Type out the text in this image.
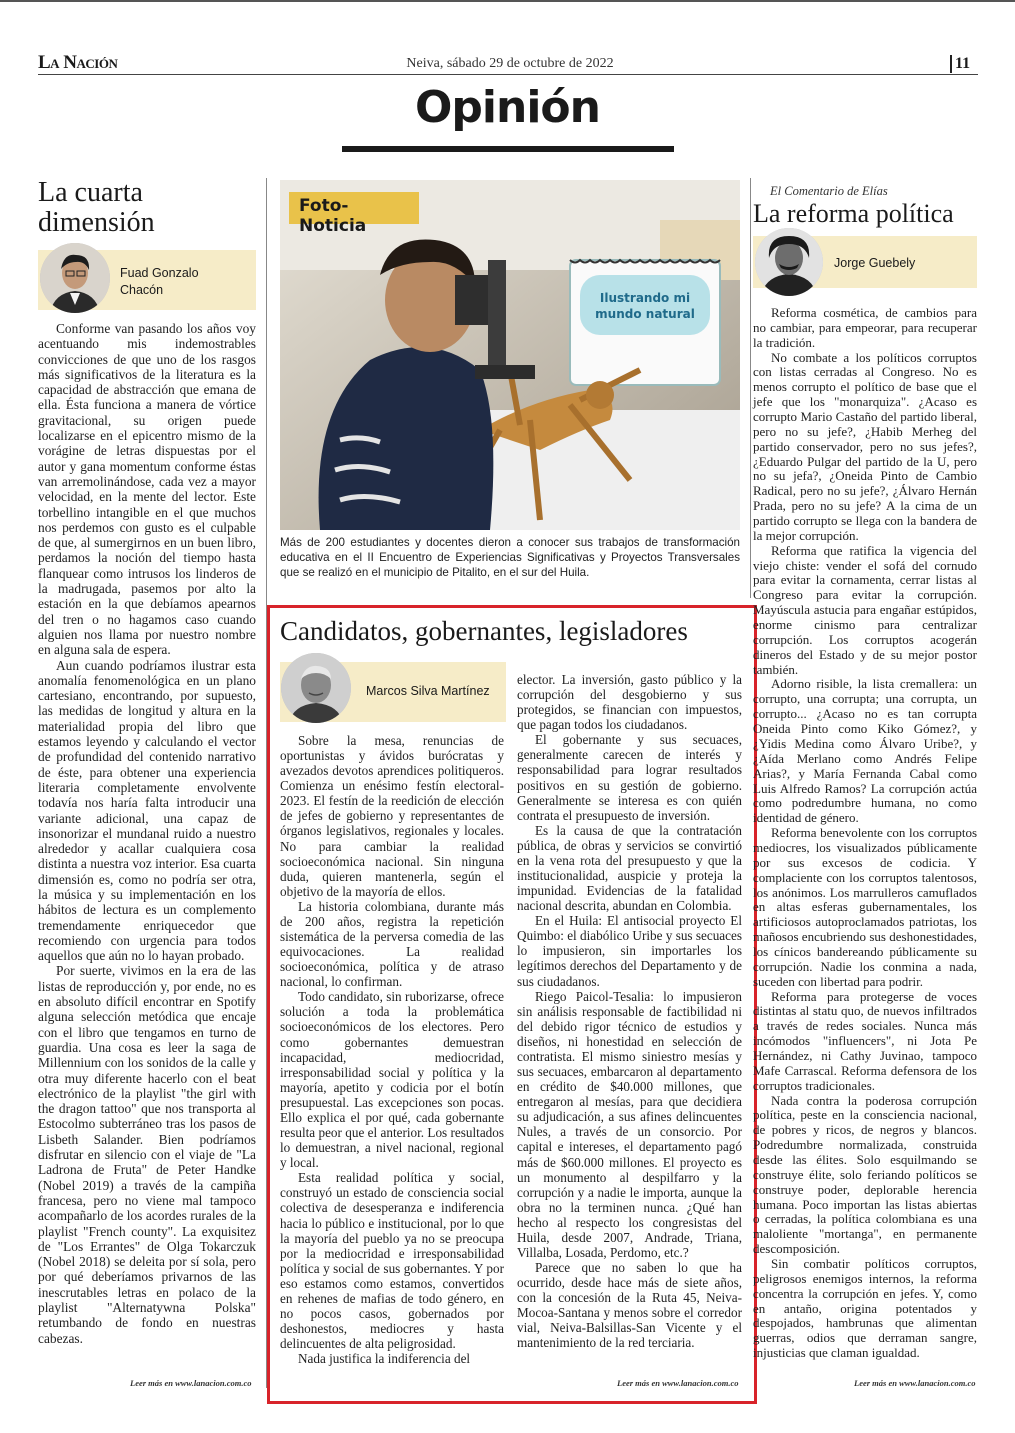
La Nación	Neiva, sábado 29 de octubre de 2022	11
Opinión
La cuarta
dimensión
Fuad Gonzalo Chacón

Conforme van pasando los años voy acentuando mis indemostrables convicciones de que uno de los rasgos más significativos de la literatura es la capacidad de abstracción que emana de ella. Ésta funciona a manera de vórtice gravitacional, su origen puede localizarse en el epicentro mismo de la vorágine de letras dispuestas por el autor y gana momentum conforme éstas van arremolinándose, cada vez a mayor velocidad, en la mente del lector. Este torbellino intangible en el que muchos nos perdemos con gusto es el culpable de que, al sumergirnos en un buen libro, perdamos la noción del tiempo hasta flanquear como intrusos los linderos de la madrugada, pasemos por alto la estación en la que debíamos apearnos del tren o no hagamos caso cuando alguien nos llama por nuestro nombre en alguna sala de espera.

Aun cuando podríamos ilustrar esta anomalía fenomenológica en un plano cartesiano, encontrando, por supuesto, las medidas de longitud y altura en la materialidad propia del libro que estamos leyendo y calculando el vector de profundidad del contenido narrativo de éste, para obtener una experiencia literaria completamente envolvente todavía nos haría falta introducir una variante adicional, una capaz de insonorizar el mundanal ruido a nuestro alrededor y acallar cualquiera cosa distinta a nuestra voz interior. Esa cuarta dimensión es, como no podría ser otra, la música y su implementación en los hábitos de lectura es un complemento tremendamente enriquecedor que recomiendo con urgencia para todos aquellos que aún no lo hayan probado.

Por suerte, vivimos en la era de las listas de reproducción y, por ende, no es en absoluto difícil encontrar en Spotify alguna selección metódica que encaje con el libro que tengamos en turno de guardia. Una cosa es leer la saga de Millennium con los sonidos de la calle y otra muy diferente hacerlo con el beat electrónico de la playlist "the girl with the dragon tattoo" que nos transporta al Estocolmo subterráneo tras los pasos de Lisbeth Salander. Bien podríamos disfrutar en silencio con el viaje de "La Ladrona de Fruta" de Peter Handke (Nobel 2019) a través de la campiña francesa, pero no viene mal tampoco acompañarlo de los acordes rurales de la playlist "French county". La exquisitez de "Los Errantes" de Olga Tokarczuk (Nobel 2018) se deleita por sí sola, pero por qué deberíamos privarnos de las inescrutables letras en polaco de la playlist "Alternatywna Polska" retumbando de fondo en nuestras cabezas.

Leer más en www.lanacion.com.co
Ilustrando mi
mundo natural
Foto-Noticia
Más de 200 estudiantes y docentes dieron a conocer sus trabajos de transformación educativa en el II Encuentro de Experiencias Significativas y Proyectos Transversales que se realizó en el municipio de Pitalito, en el sur del Huila.
Candidatos, gobernantes, legisladores
Marcos Silva Martínez

Sobre la mesa, renuncias de oportunistas y ávidos burócratas y avezados devotos aprendices politiqueros. Comienza un enésimo festín electoral- 2023. El festín de la reedición de elección de jefes de gobierno y representantes de órganos legislativos, regionales y locales. No para cambiar la realidad socioeconómica nacional. Sin ninguna duda, quieren mantenerla, según el objetivo de la mayoría de ellos.

La historia colombiana, durante más de 200 años, registra la repetición sistemática de la perversa comedia de las equivocaciones. La realidad socioeconómica, política y de atraso nacional, lo confirman.

Todo candidato, sin ruborizarse, ofrece solución a toda la problemática socioeconómicos de los electores. Pero como gobernantes demuestran incapacidad, mediocridad, irresponsabilidad social y política y la mayoría, apetito y codicia por el botín presupuestal. Las excepciones son pocas. Ello explica el por qué, cada gobernante resulta peor que el anterior. Los resultados lo demuestran, a nivel nacional, regional y local.

Esta realidad política y social, construyó un estado de consciencia social colectiva de desesperanza e indiferencia hacia lo público e institucional, por lo que la mayoría del pueblo ya no se preocupa por la mediocridad e irresponsabilidad política y social de sus gobernantes. Y por eso estamos como estamos, convertidos en rehenes de mafias de todo género, en no pocos casos, gobernados por deshonestos, mediocres y hasta delincuentes de alta peligrosidad.

Nada justifica la indiferencia del

elector. La inversión, gasto público y la corrupción del desgobierno y sus protegidos, se financian con impuestos, que pagan todos los ciudadanos.

El gobernante y sus secuaces, generalmente carecen de interés y responsabilidad para lograr resultados positivos en su gestión de gobierno. Generalmente se interesa es con quién contrata el presupuesto de inversión.

Es la causa de que la contratación pública, de obras y servicios se convirtió en la vena rota del presupuesto y que la institucionalidad, auspicie y proteja la impunidad. Evidencias de la fatalidad nacional descrita, abundan en Colombia.

En el Huila: El antisocial proyecto El Quimbo: el diabólico Uribe y sus secuaces lo impusieron, sin importarles los legítimos derechos del Departamento y de sus ciudadanos.

Riego Paicol-Tesalia: lo impusieron sin análisis responsable de factibilidad ni del debido rigor técnico de estudios y diseños, ni honestidad en selección de contratista. El mismo siniestro mesías y sus secuaces, embarcaron al departamento en crédito de $40.000 millones, que entregaron al mesías, para que decidiera su adjudicación, a sus afines delincuentes Nules, a través de un consorcio. Por capital e intereses, el departamento pagó más de $60.000 millones. El proyecto es un monumento al despilfarro y la corrupción y a nadie le importa, aunque la obra no la terminen nunca. ¿Qué han hecho al respecto los congresistas del Huila, desde 2007, Andrade, Triana, Villalba, Losada, Perdomo, etc.?

Parece que no saben lo que ha ocurrido, desde hace más de siete años, con la concesión de la Ruta 45, Neiva-Mocoa-Santana y menos sobre el corredor vial, Neiva-Balsillas-San Vicente y el mantenimiento de la red terciaria.

Leer más en www.lanacion.com.co
El Comentario de Elías
La reforma política
Jorge Guebely

Reforma cosmética, de cambios para no cambiar, para empeorar, para recuperar la tradición.

No combate a los políticos corruptos con listas cerradas al Congreso. No es menos corrupto el político de base que el jefe que los "monarquiza". ¿Acaso es corrupto Mario Castaño del partido liberal, pero no su jefe?, ¿Habib Merheg del partido conservador, pero no sus jefes?, ¿Eduardo Pulgar del partido de la U, pero no su jefa?, ¿Oneida Pinto de Cambio Radical, pero no su jefe?, ¿Álvaro Hernán Prada, pero no su jefe? A la cima de un partido corrupto se llega con la bandera de la mejor corrupción.

Reforma que ratifica la vigencia del viejo chiste: vender el sofá del cornudo para evitar la cornamenta, cerrar listas al Congreso para evitar la corrupción. Mayúscula astucia para engañar estúpidos, enorme cinismo para centralizar corrupción. Los corruptos acogerán dineros del Estado y de su mejor postor también.

Adorno risible, la lista cremallera: un corrupto, una corrupta; una corrupta, un corrupto... ¿Acaso no es tan corrupta Oneida Pinto como Kiko Gómez?, y ¿Yidis Medina como Álvaro Uribe?, y ¿Aída Merlano como Andrés Felipe Arias?, y María Fernanda Cabal como Luis Alfredo Ramos? La corrupción actúa como podredumbre humana, no como identidad de género.

Reforma benevolente con los corruptos mediocres, los visualizados públicamente por sus excesos de codicia. Y complaciente con los corruptos talentosos, los anónimos. Los marrulleros camuflados en altas esferas gubernamentales, los artificiosos autoproclamados patriotas, los mañosos encubriendo sus deshonestidades, los cínicos bandereando públicamente su corrupción. Nadie los conmina a nada, suceden con libertad para podrir.

Reforma para protegerse de voces distintas al statu quo, de nuevos infiltrados a través de redes sociales. Nunca más incómodos "influencers", ni Jota Pe Hernández, ni Cathy Juvinao, tampoco Mafe Carrascal. Reforma defensora de los corruptos tradicionales.

Nada contra la poderosa corrupción política, peste en la consciencia nacional, de pobres y ricos, de negros y blancos. Podredumbre normalizada, construida desde las élites. Solo esquilmando se construye élite, solo feriando políticos se construye poder, deplorable herencia humana. Poco importan las listas abiertas o cerradas, la política colombiana es una maloliente "mortanga", en permanente descomposición.

Sin combatir políticos corruptos, peligrosos enemigos internos, la reforma concentra la corrupción en jefes. Y, como en antaño, origina potentados y despojados, hambrunas que alimentan guerras, odios que derraman sangre, injusticias que claman igualdad.

Leer más en www.lanacion.com.co
